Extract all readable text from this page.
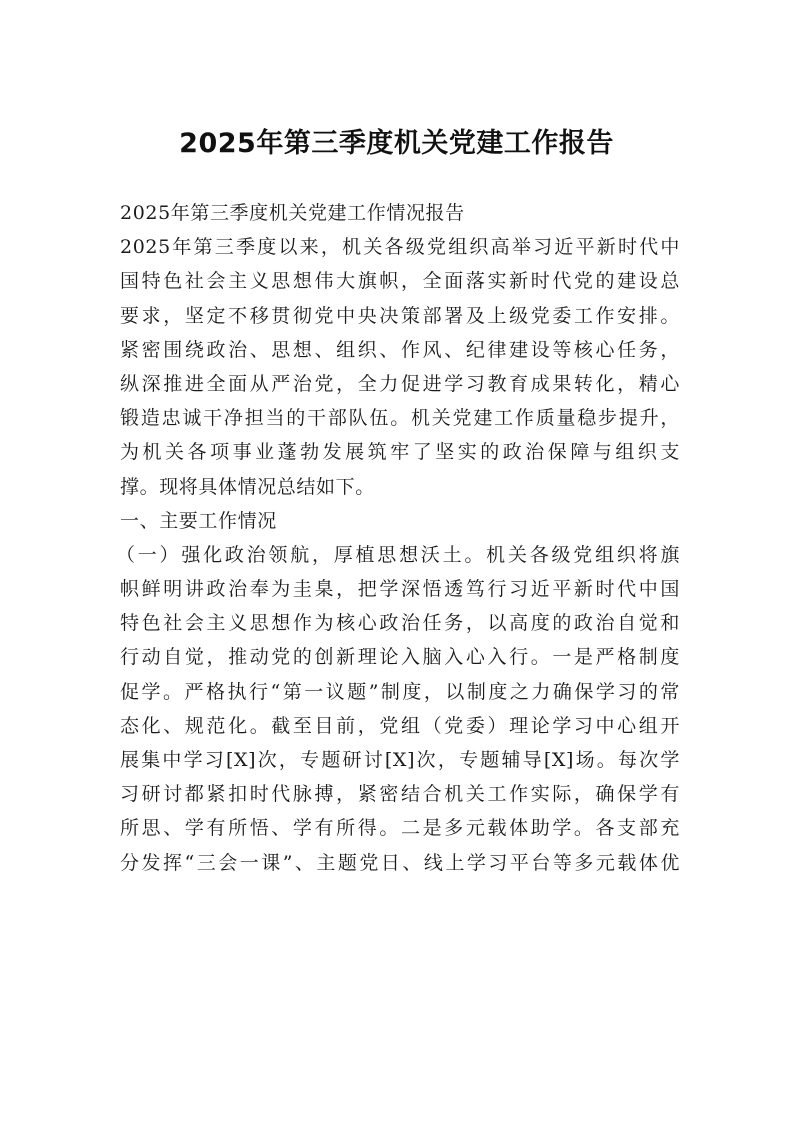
2025年第三季度机关党建工作报告
2025年第三季度机关党建工作情况报告
2025年第三季度以来，机关各级党组织高举习近平新时代中
国特色社会主义思想伟大旗帜，全面落实新时代党的建设总
要求，坚定不移贯彻党中央决策部署及上级党委工作安排。
紧密围绕政治、思想、组织、作风、纪律建设等核心任务，
纵深推进全面从严治党，全力促进学习教育成果转化，精心
锻造忠诚干净担当的干部队伍。机关党建工作质量稳步提升，
为机关各项事业蓬勃发展筑牢了坚实的政治保障与组织支
撑。现将具体情况总结如下。
一、主要工作情况
（一）强化政治领航，厚植思想沃土。机关各级党组织将旗
帜鲜明讲政治奉为圭臬，把学深悟透笃行习近平新时代中国
特色社会主义思想作为核心政治任务，以高度的政治自觉和
行动自觉，推动党的创新理论入脑入心入行。一是严格制度
促学。严格执行“第一议题”制度，以制度之力确保学习的常
态化、规范化。截至目前，党组（党委）理论学习中心组开
展集中学习[X]次，专题研讨[X]次，专题辅导[X]场。每次学
习研讨都紧扣时代脉搏，紧密结合机关工作实际，确保学有
所思、学有所悟、学有所得。二是多元载体助学。各支部充
分发挥“三会一课”、主题党日、线上学习平台等多元载体优
